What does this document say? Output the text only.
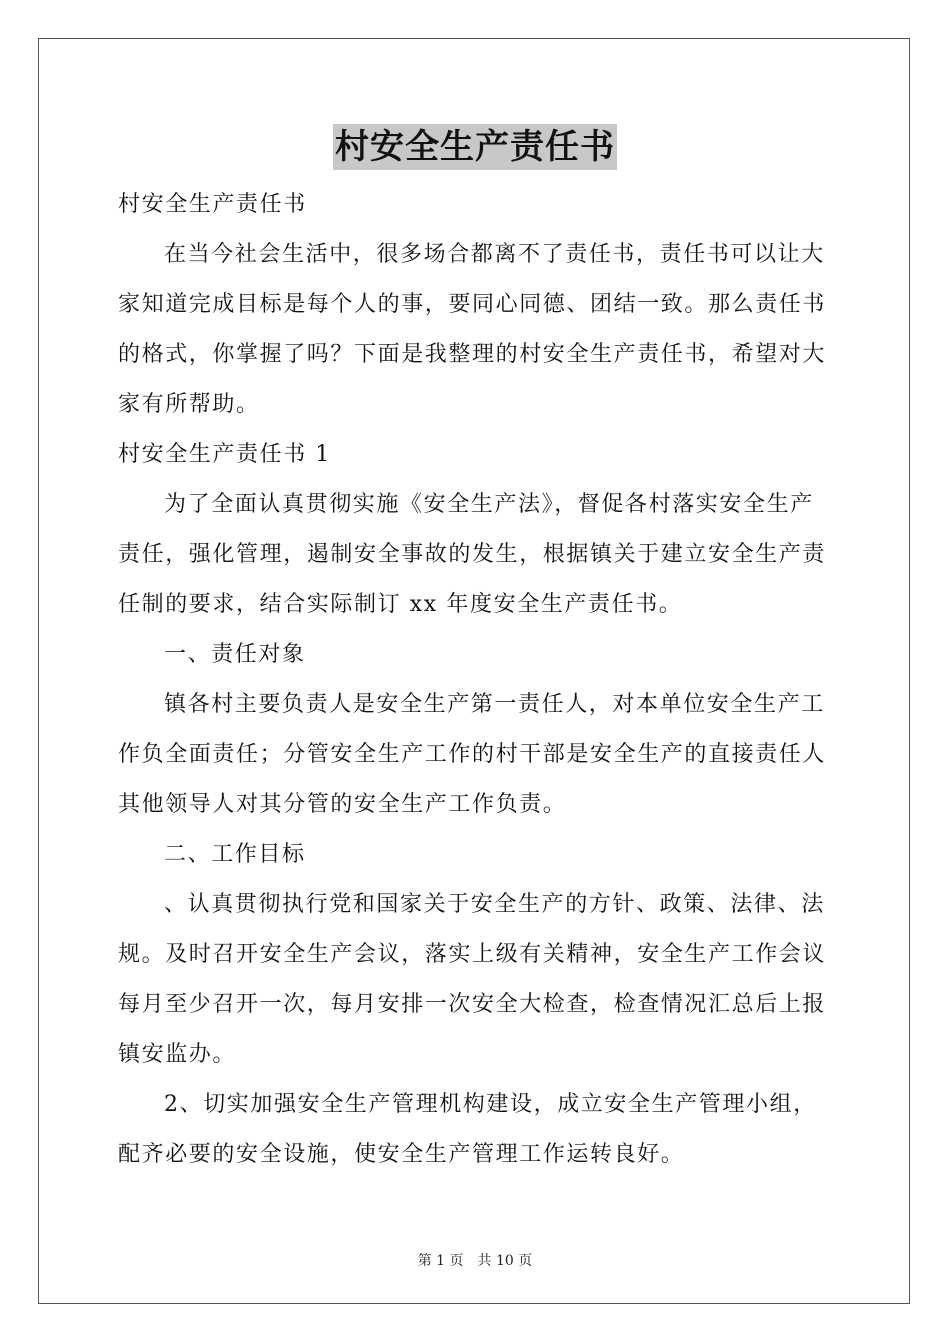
村安全生产责任书
村安全生产责任书
在当今社会生活中，很多场合都离不了责任书，责任书可以让大
家知道完成目标是每个人的事，要同心同德、团结一致。那么责任书
的格式，你掌握了吗？下面是我整理的村安全生产责任书，希望对大
家有所帮助。
村安全生产责任书 1
为了全面认真贯彻实施《安全生产法》，督促各村落实安全生产
责任，强化管理，遏制安全事故的发生，根据镇关于建立安全生产责
任制的要求，结合实际制订 xx 年度安全生产责任书。
一、责任对象
镇各村主要负责人是安全生产第一责任人，对本单位安全生产工
作负全面责任；分管安全生产工作的村干部是安全生产的直接责任人
其他领导人对其分管的安全生产工作负责。
二、工作目标
、认真贯彻执行党和国家关于安全生产的方针、政策、法律、法
规。及时召开安全生产会议，落实上级有关精神，安全生产工作会议
每月至少召开一次，每月安排一次安全大检查，检查情况汇总后上报
镇安监办。
2、切实加强安全生产管理机构建设，成立安全生产管理小组，
配齐必要的安全设施，使安全生产管理工作运转良好。
第 1 页　共 10 页
